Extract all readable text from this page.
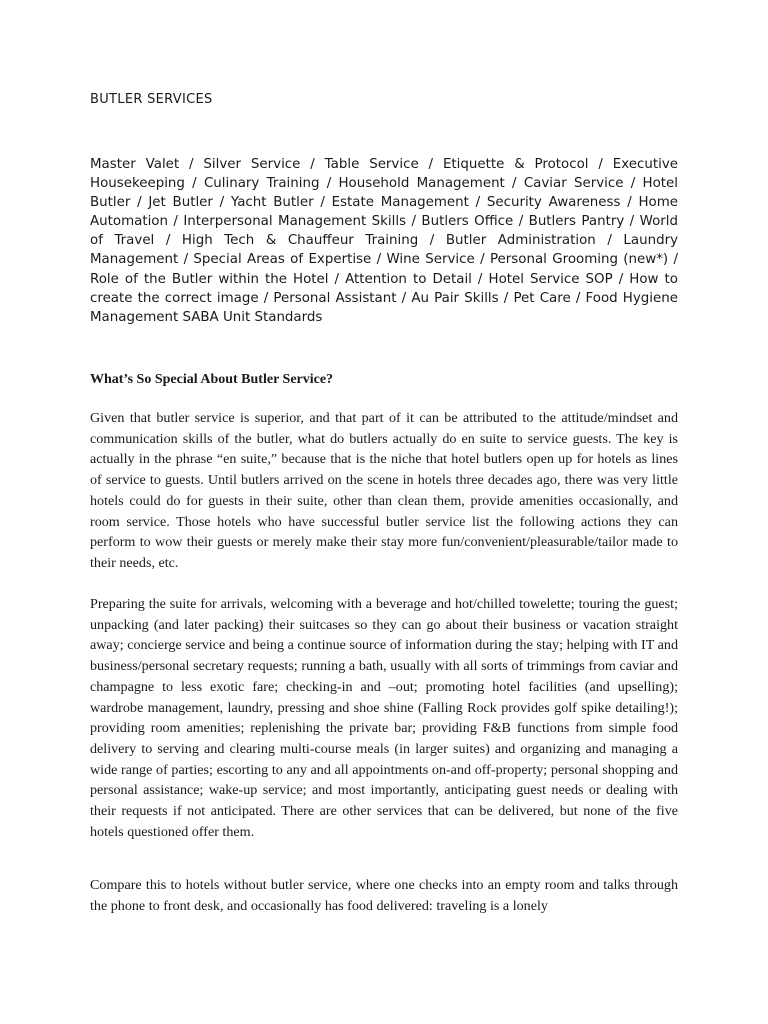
BUTLER SERVICES

Master Valet / Silver Service / Table Service / Etiquette & Protocol / Executive Housekeeping / Culinary Training / Household Management / Caviar Service / Hotel Butler / Jet Butler / Yacht Butler / Estate Management / Security Awareness / Home Automation / Interpersonal Management Skills / Butlers Office / Butlers Pantry / World of Travel / High Tech & Chauffeur Training / Butler Administration / Laundry Management / Special Areas of Expertise / Wine Service / Personal Grooming (new*) / Role of the Butler within the Hotel / Attention to Detail / Hotel Service SOP / How to create the correct image / Personal Assistant / Au Pair Skills / Pet Care / Food Hygiene Management SABA Unit Standards

What’s So Special About Butler Service?

Given that butler service is superior, and that part of it can be attributed to the attitude/mindset and communication skills of the butler, what do butlers actually do en suite to service guests. The key is actually in the phrase “en suite,” because that is the niche that hotel butlers open up for hotels as lines of service to guests. Until butlers arrived on the scene in hotels three decades ago, there was very little hotels could do for guests in their suite, other than clean them, provide amenities occasionally, and room service. Those hotels who have successful butler service list the following actions they can perform to wow their guests or merely make their stay more fun/convenient/pleasurable/tailor made to their needs, etc.

Preparing the suite for arrivals, welcoming with a beverage and hot/chilled towelette; touring the guest; unpacking (and later packing) their suitcases so they can go about their business or vacation straight away; concierge service and being a continue source of information during the stay; helping with IT and business/personal secretary requests; running a bath, usually with all sorts of trimmings from caviar and champagne to less exotic fare; checking-in and –out; promoting hotel facilities (and upselling); wardrobe management, laundry, pressing and shoe shine (Falling Rock provides golf spike detailing!); providing room amenities; replenishing the private bar; providing F&B functions from simple food delivery to serving and clearing multi-course meals (in larger suites) and organizing and managing a wide range of parties; escorting to any and all appointments on-and off-property; personal shopping and personal assistance; wake-up service; and most importantly, anticipating guest needs or dealing with their requests if not anticipated. There are other services that can be delivered, but none of the five hotels questioned offer them.

Compare this to hotels without butler service, where one checks into an empty room and talks through the phone to front desk, and occasionally has food delivered: traveling is a lonely
